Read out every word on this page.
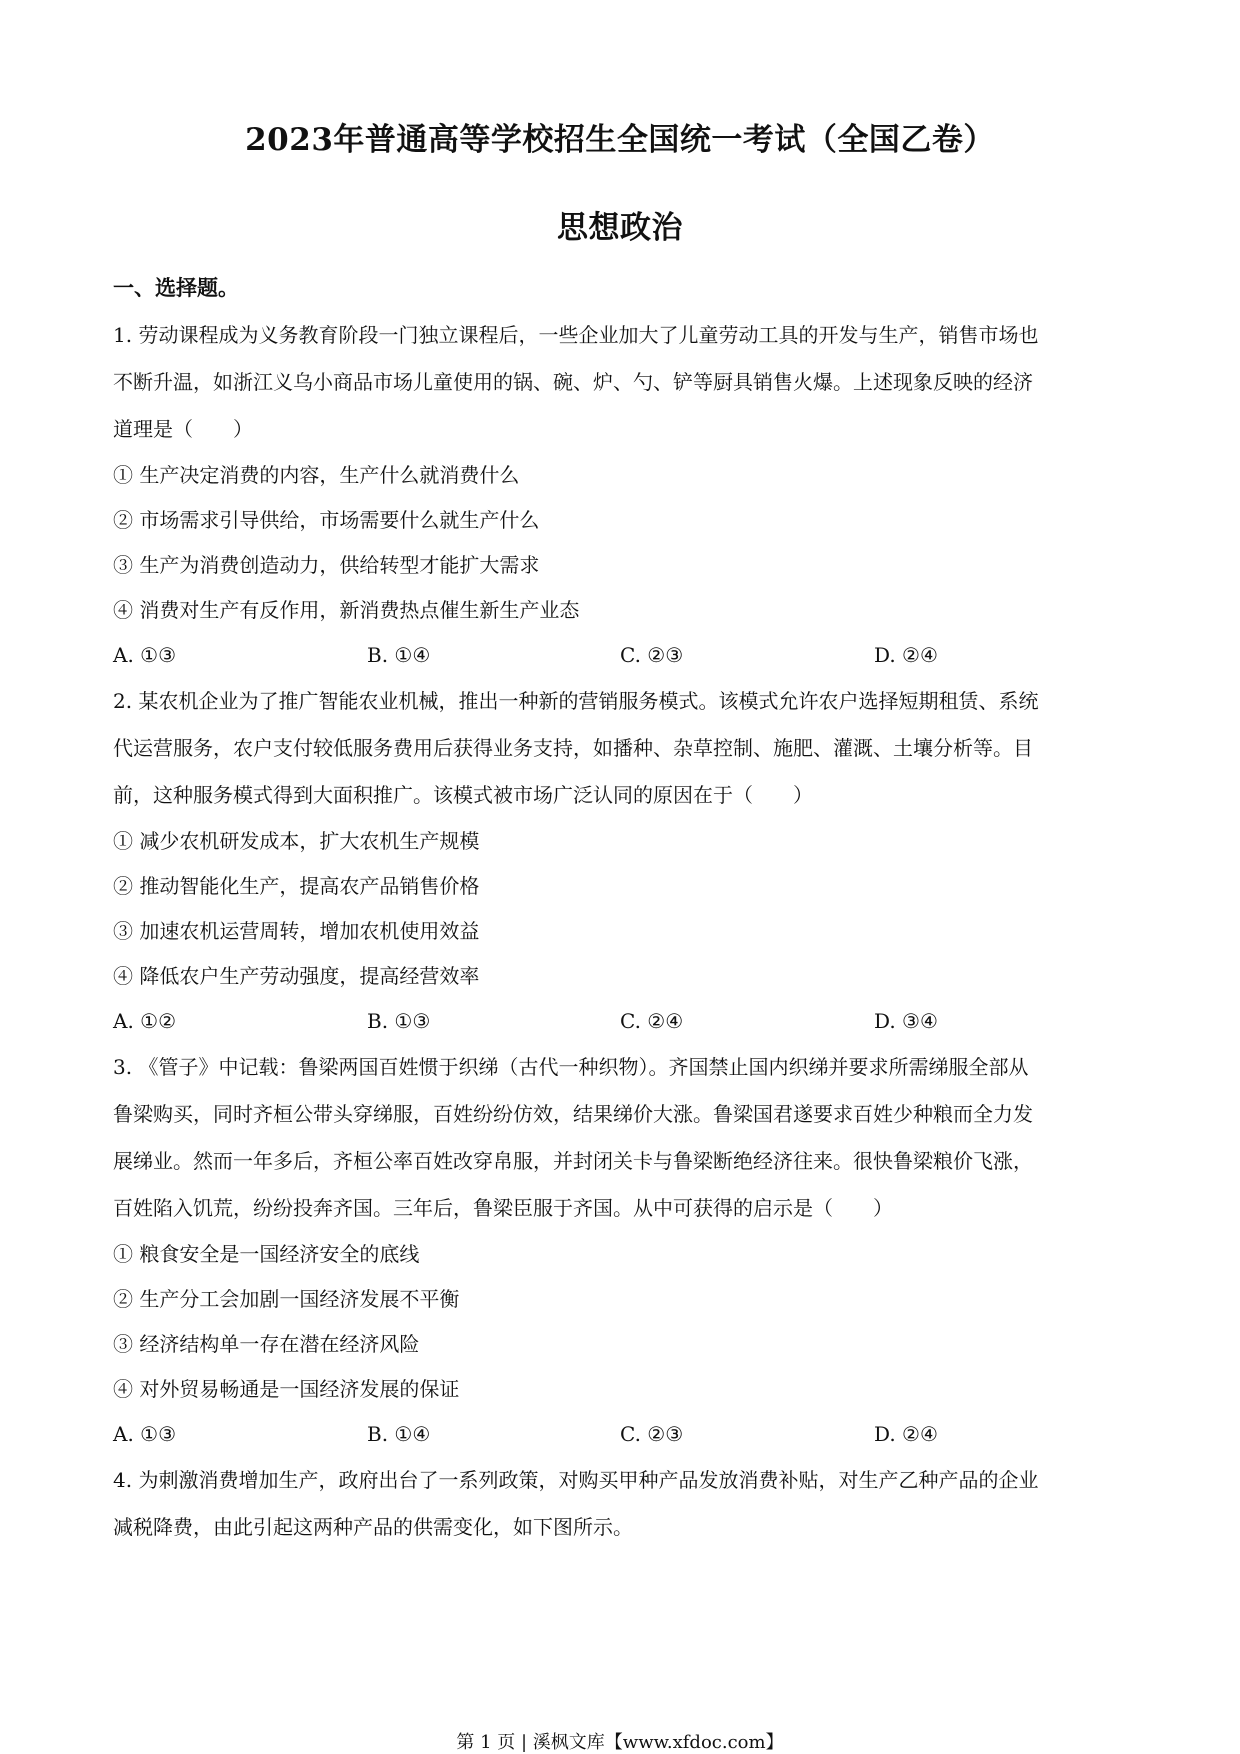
2023年普通高等学校招生全国统一考试（全国乙卷）
思想政治
一、选择题。
1. 劳动课程成为义务教育阶段一门独立课程后，一些企业加大了儿童劳动工具的开发与生产，销售市场也
不断升温，如浙江义乌小商品市场儿童使用的锅、碗、炉、勺、铲等厨具销售火爆。上述现象反映的经济
道理是（　　）
① 生产决定消费的内容，生产什么就消费什么
② 市场需求引导供给，市场需要什么就生产什么
③ 生产为消费创造动力，供给转型才能扩大需求
④ 消费对生产有反作用，新消费热点催生新生产业态
A. ①③	B. ①④	C. ②③	D. ②④
2. 某农机企业为了推广智能农业机械，推出一种新的营销服务模式。该模式允许农户选择短期租赁、系统
代运营服务，农户支付较低服务费用后获得业务支持，如播种、杂草控制、施肥、灌溉、土壤分析等。目
前，这种服务模式得到大面积推广。该模式被市场广泛认同的原因在于（　　）
① 减少农机研发成本，扩大农机生产规模
② 推动智能化生产，提高农产品销售价格
③ 加速农机运营周转，增加农机使用效益
④ 降低农户生产劳动强度，提高经营效率
A. ①②	B. ①③	C. ②④	D. ③④
3. 《管子》中记载：鲁梁两国百姓惯于织绨（古代一种织物）。齐国禁止国内织绨并要求所需绨服全部从
鲁梁购买，同时齐桓公带头穿绨服，百姓纷纷仿效，结果绨价大涨。鲁梁国君遂要求百姓少种粮而全力发
展绨业。然而一年多后，齐桓公率百姓改穿帛服，并封闭关卡与鲁梁断绝经济往来。很快鲁梁粮价飞涨，
百姓陷入饥荒，纷纷投奔齐国。三年后，鲁梁臣服于齐国。从中可获得的启示是（　　）
① 粮食安全是一国经济安全的底线
② 生产分工会加剧一国经济发展不平衡
③ 经济结构单一存在潜在经济风险
④ 对外贸易畅通是一国经济发展的保证
A. ①③	B. ①④	C. ②③	D. ②④
4. 为刺激消费增加生产，政府出台了一系列政策，对购买甲种产品发放消费补贴，对生产乙种产品的企业
减税降费，由此引起这两种产品的供需变化，如下图所示。
第 1 页 | 溪枫文库【www.xfdoc.com】
